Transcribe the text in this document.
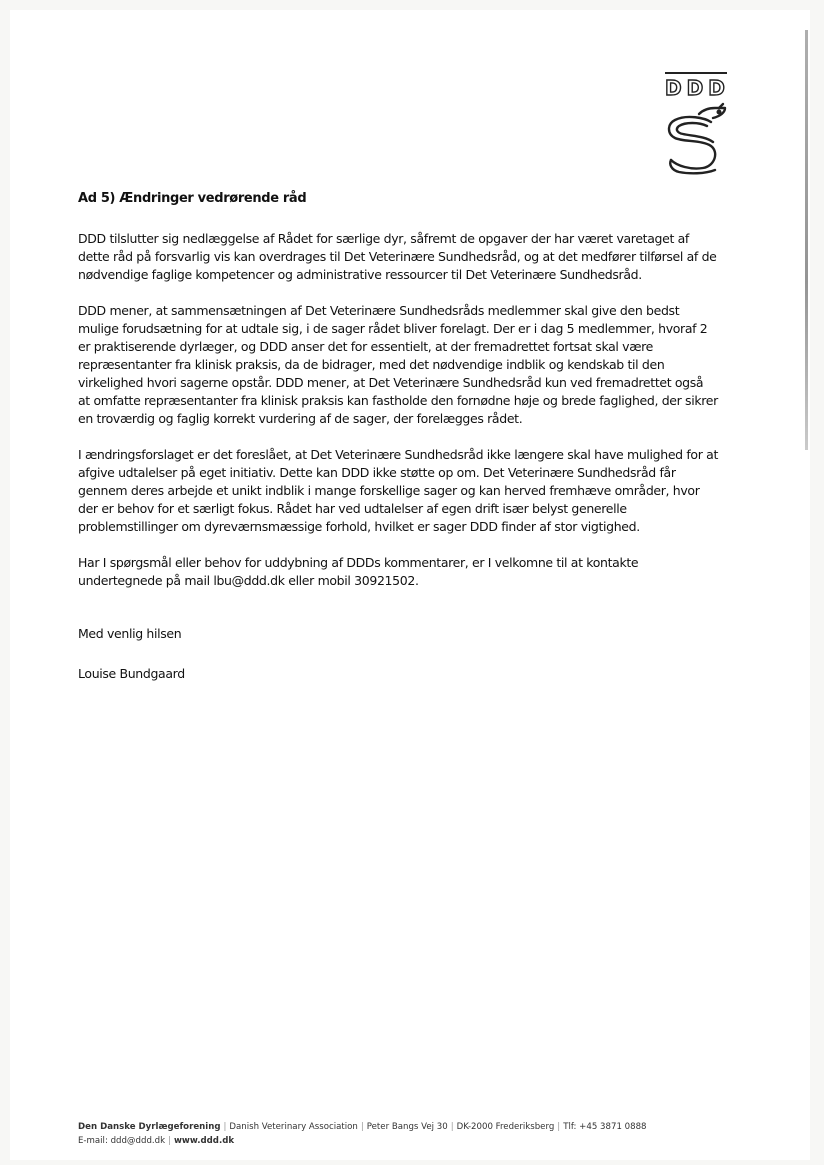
DDD

Ad 5) Ændringer vedrørende råd

DDD tilslutter sig nedlæggelse af Rådet for særlige dyr, såfremt de opgaver der har været varetaget af dette råd på forsvarlig vis kan overdrages til Det Veterinære Sundhedsråd, og at det medfører tilførsel af de nødvendige faglige kompetencer og administrative ressourcer til Det Veterinære Sundhedsråd.

DDD mener, at sammensætningen af Det Veterinære Sundhedsråds medlemmer skal give den bedst mulige forudsætning for at udtale sig, i de sager rådet bliver forelagt. Der er i dag 5 medlemmer, hvoraf 2 er praktiserende dyrlæger, og DDD anser det for essentielt, at der fremadrettet fortsat skal være repræsentanter fra klinisk praksis, da de bidrager, med det nødvendige indblik og kendskab til den virkelighed hvori sagerne opstår. DDD mener, at Det Veterinære Sundhedsråd kun ved fremadrettet også at omfatte repræsentanter fra klinisk praksis kan fastholde den fornødne høje og brede faglighed, der sikrer en troværdig og faglig korrekt vurdering af de sager, der forelægges rådet.

I ændringsforslaget er det foreslået, at Det Veterinære Sundhedsråd ikke længere skal have mulighed for at afgive udtalelser på eget initiativ. Dette kan DDD ikke støtte op om. Det Veterinære Sundhedsråd får gennem deres arbejde et unikt indblik i mange forskellige sager og kan herved fremhæve områder, hvor der er behov for et særligt fokus. Rådet har ved udtalelser af egen drift især belyst generelle problemstillinger om dyreværnsmæssige forhold, hvilket er sager DDD finder af stor vigtighed.

Har I spørgsmål eller behov for uddybning af DDDs kommentarer, er I velkomne til at kontakte undertegnede på mail lbu@ddd.dk eller mobil 30921502.

Med venlig hilsen

Louise Bundgaard

Den Danske Dyrlægeforening | Danish Veterinary Association | Peter Bangs Vej 30 | DK-2000 Frederiksberg | Tlf: +45 3871 0888
E-mail: ddd@ddd.dk | www.ddd.dk
